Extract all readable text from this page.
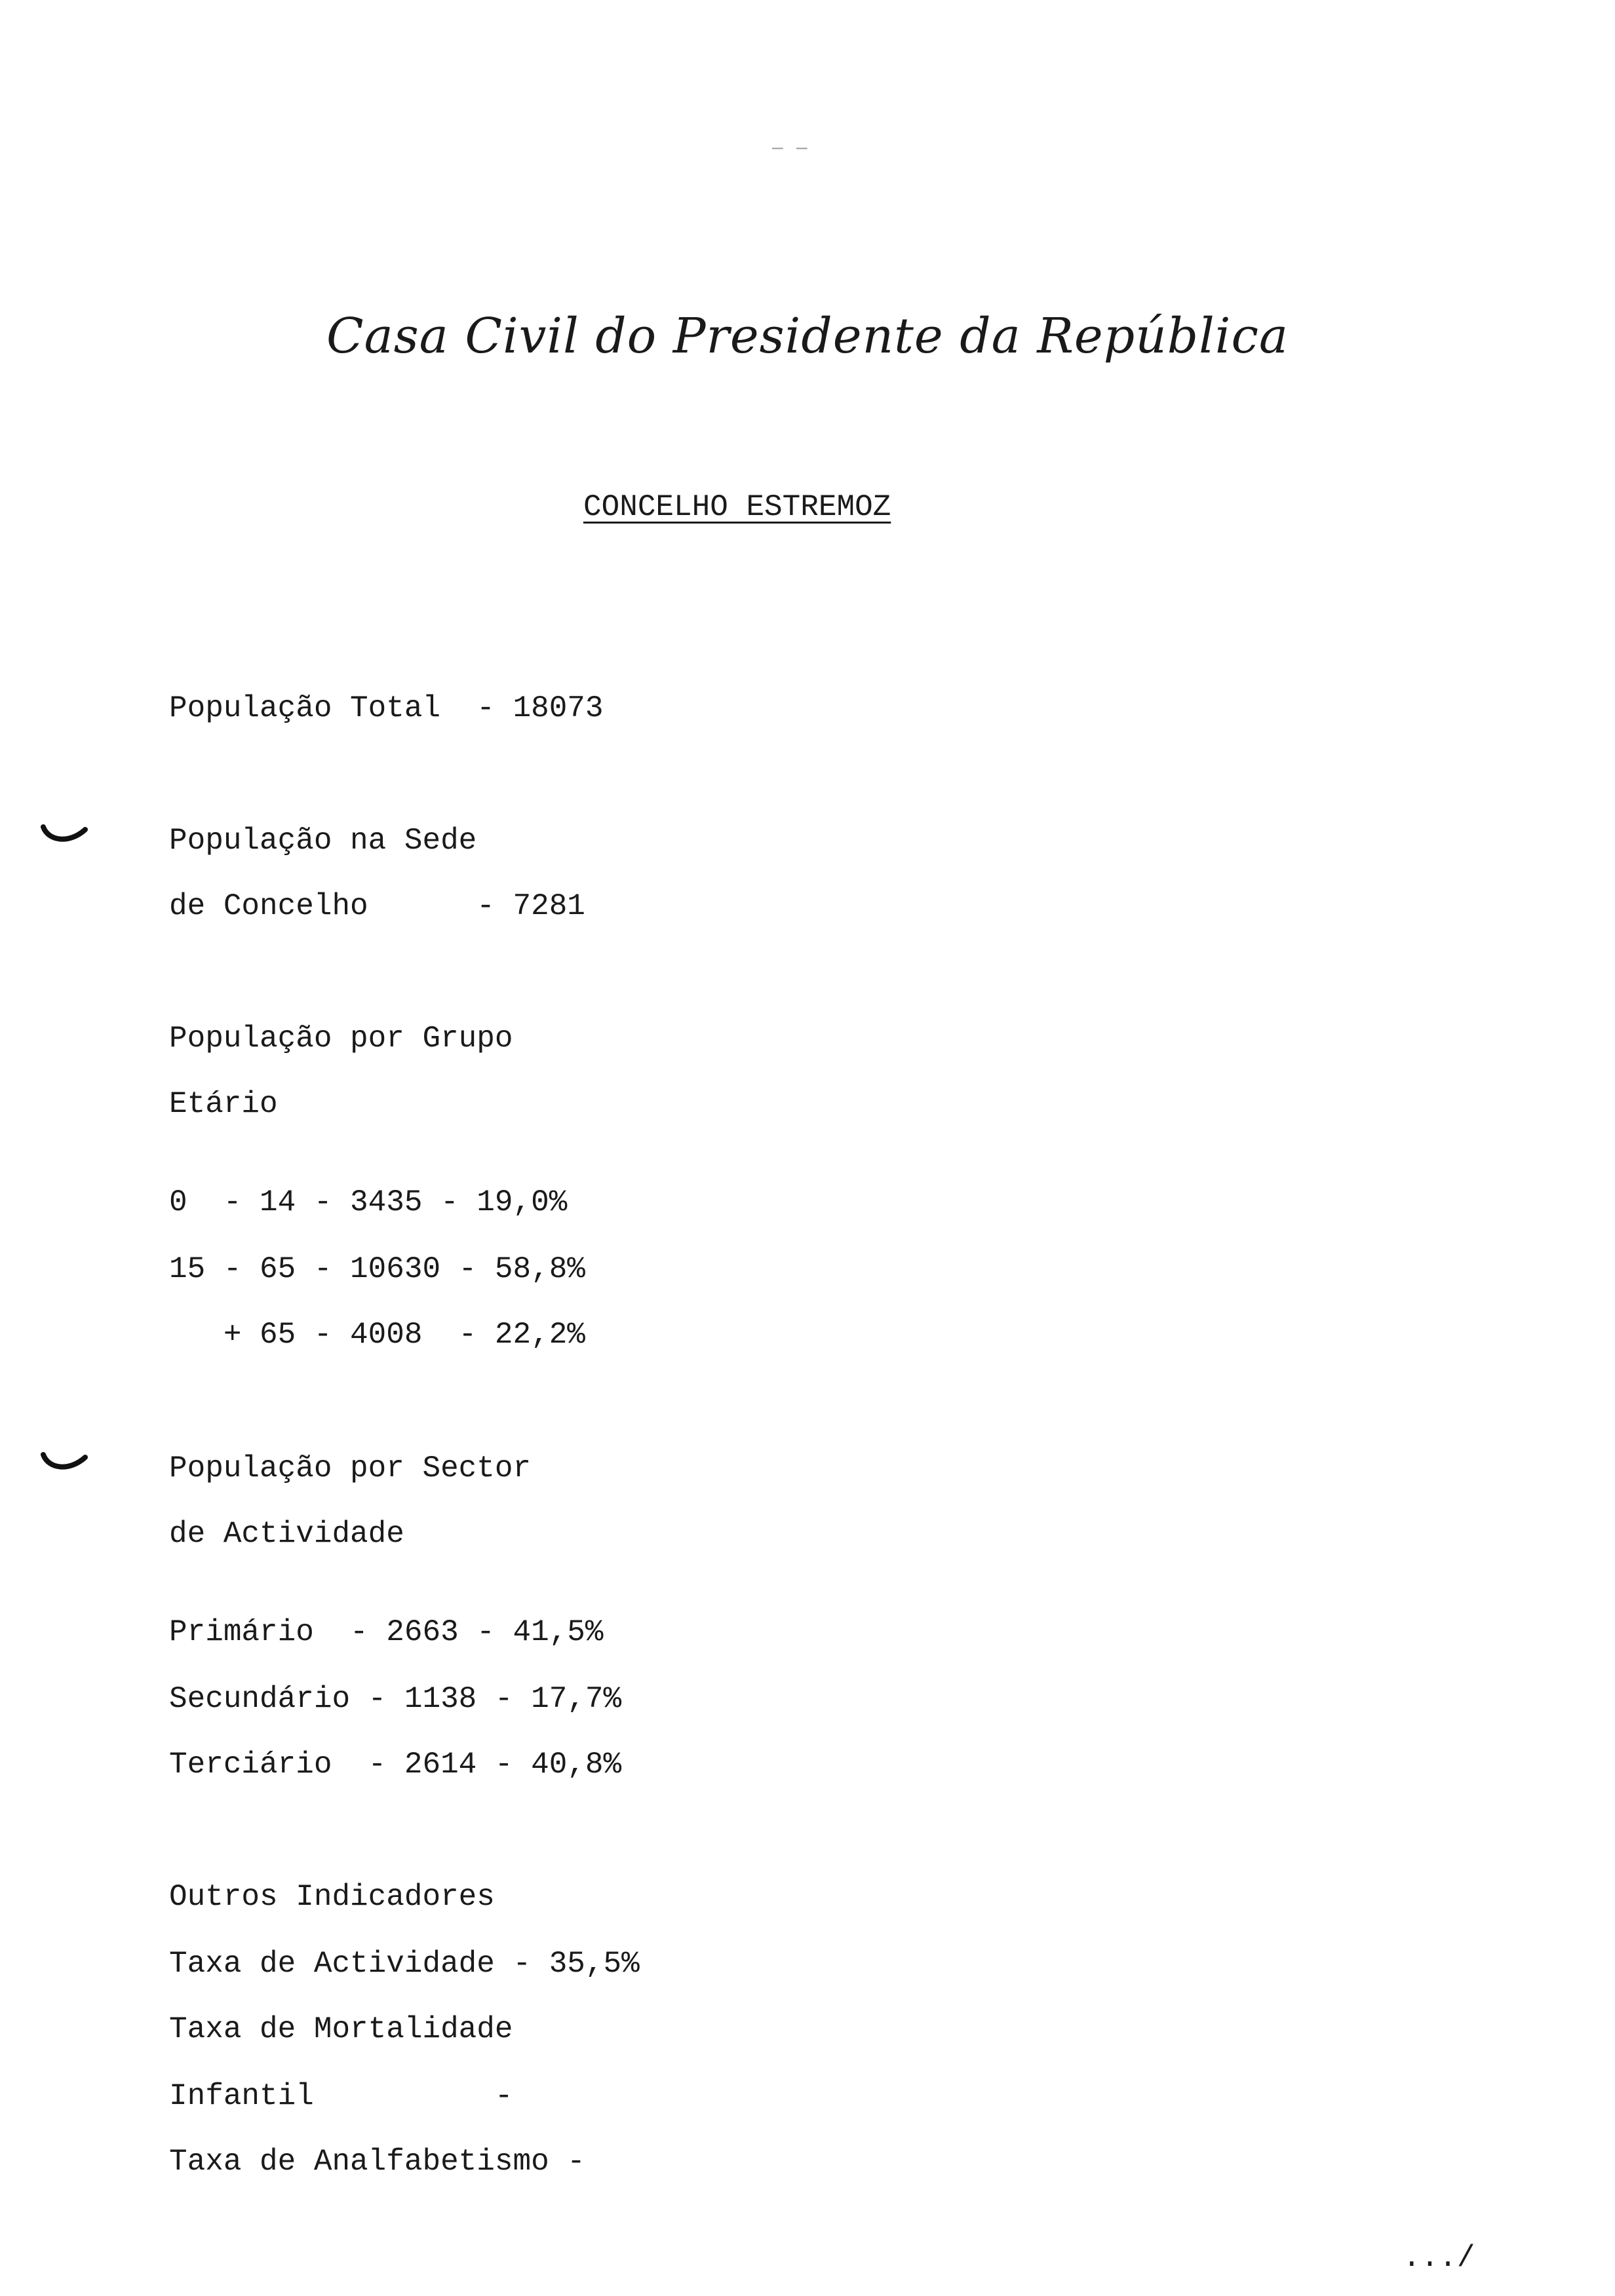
– –
Casa Civil do Presidente da República
CONCELHO ESTREMOZ
População Total  - 18073
População na Sede
de Concelho      - 7281
População por Grupo
Etário
0  - 14 - 3435 - 19,0%
15 - 65 - 10630 - 58,8%
+ 65 - 4008  - 22,2%
População por Sector
de Actividade
Primário  - 2663 - 41,5%
Secundário - 1138 - 17,7%
Terciário  - 2614 - 40,8%
Outros Indicadores
Taxa de Actividade - 35,5%
Taxa de Mortalidade
Infantil          -
Taxa de Analfabetismo -
.../
